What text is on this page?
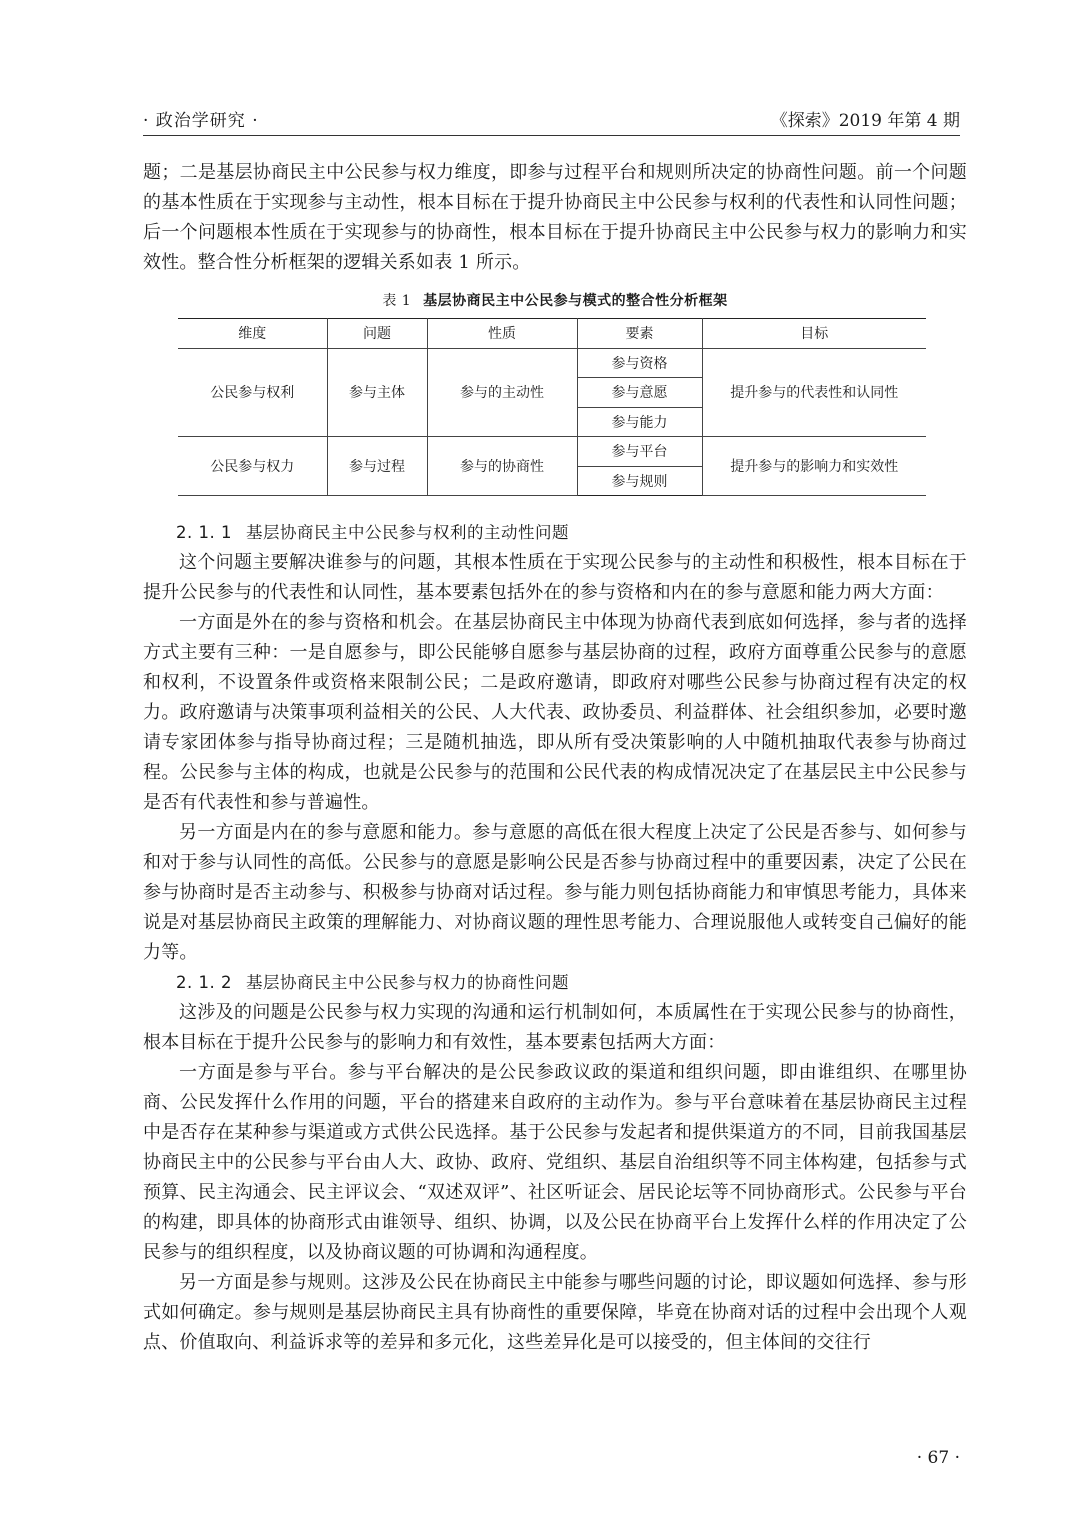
· 政治学研究 ·	《探索》2019 年第 4 期

题；二是基层协商民主中公民参与权力维度，即参与过程平台和规则所决定的协商性问题。前一个问题的基本性质在于实现参与主动性，根本目标在于提升协商民主中公民参与权利的代表性和认同性问题；后一个问题根本性质在于实现参与的协商性，根本目标在于提升协商民主中公民参与权力的影响力和实效性。整合性分析框架的逻辑关系如表 1 所示。

表 1 基层协商民主中公民参与模式的整合性分析框架
维度	问题	性质	要素	目标
公民参与权利	参与主体	参与的主动性	参与资格	提升参与的代表性和认同性
			参与意愿	
			参与能力	
公民参与权力	参与过程	参与的协商性	参与平台	提升参与的影响力和实效性
			参与规则	

2. 1. 1 基层协商民主中公民参与权利的主动性问题

这个问题主要解决谁参与的问题，其根本性质在于实现公民参与的主动性和积极性，根本目标在于提升公民参与的代表性和认同性，基本要素包括外在的参与资格和内在的参与意愿和能力两大方面：

一方面是外在的参与资格和机会。在基层协商民主中体现为协商代表到底如何选择，参与者的选择方式主要有三种：一是自愿参与，即公民能够自愿参与基层协商的过程，政府方面尊重公民参与的意愿和权利，不设置条件或资格来限制公民；二是政府邀请，即政府对哪些公民参与协商过程有决定的权力。政府邀请与决策事项利益相关的公民、人大代表、政协委员、利益群体、社会组织参加，必要时邀请专家团体参与指导协商过程；三是随机抽选，即从所有受决策影响的人中随机抽取代表参与协商过程。公民参与主体的构成，也就是公民参与的范围和公民代表的构成情况决定了在基层民主中公民参与是否有代表性和参与普遍性。

另一方面是内在的参与意愿和能力。参与意愿的高低在很大程度上决定了公民是否参与、如何参与和对于参与认同性的高低。公民参与的意愿是影响公民是否参与协商过程中的重要因素，决定了公民在参与协商时是否主动参与、积极参与协商对话过程。参与能力则包括协商能力和审慎思考能力，具体来说是对基层协商民主政策的理解能力、对协商议题的理性思考能力、合理说服他人或转变自己偏好的能力等。

2. 1. 2 基层协商民主中公民参与权力的协商性问题

这涉及的问题是公民参与权力实现的沟通和运行机制如何，本质属性在于实现公民参与的协商性，根本目标在于提升公民参与的影响力和有效性，基本要素包括两大方面：

一方面是参与平台。参与平台解决的是公民参政议政的渠道和组织问题，即由谁组织、在哪里协商、公民发挥什么作用的问题，平台的搭建来自政府的主动作为。参与平台意味着在基层协商民主过程中是否存在某种参与渠道或方式供公民选择。基于公民参与发起者和提供渠道方的不同，目前我国基层协商民主中的公民参与平台由人大、政协、政府、党组织、基层自治组织等不同主体构建，包括参与式预算、民主沟通会、民主评议会、“双述双评”、社区听证会、居民论坛等不同协商形式。公民参与平台的构建，即具体的协商形式由谁领导、组织、协调，以及公民在协商平台上发挥什么样的作用决定了公民参与的组织程度，以及协商议题的可协调和沟通程度。

另一方面是参与规则。这涉及公民在协商民主中能参与哪些问题的讨论，即议题如何选择、参与形式如何确定。参与规则是基层协商民主具有协商性的重要保障，毕竟在协商对话的过程中会出现个人观点、价值取向、利益诉求等的差异和多元化，这些差异化是可以接受的，但主体间的交往行

· 67 ·
